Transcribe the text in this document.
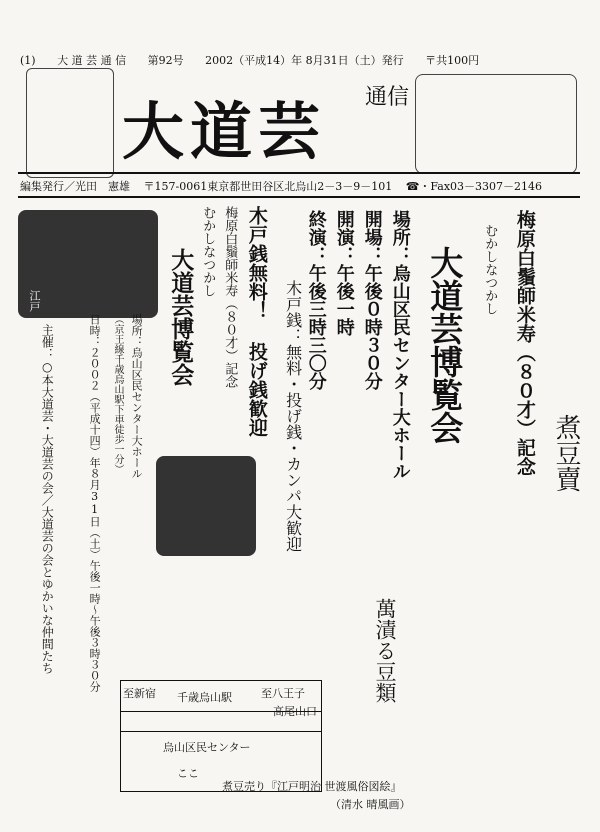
(1) 大 道 芸 通 信 第92号 2002（平成14）年 8月31日（土）発行 〒共100円
大道芸 通信
編集発行／光田　憲雄 〒157-0061東京都世田谷区北烏山2－3－9－101 ☎・Fax03－3307－2146
江戸	木戸銭無料！ 投げ銭歓迎
梅原白鬚師米寿（８０才）記念
むかしなつかし
大道芸博覧会
場所：烏山区民センター大ホール
（京王線千歳烏山駅下車徒歩一分）
日時：２００２（平成十四）年８月31日（土）午後一時～午後３時３０分
主催：○本大道芸・大道芸の会／大道芸の会とゆかいな仲間たち	梅原白鬚師米寿（８０才）記念
むかしなつかし
大道芸博覧会
場所：烏山区民センター大ホール
開場：午後０時３０分
開演：午後一時
終演：午後三時三〇分
木戸銭：無料・投げ銭・カンパ大歓迎	煮豆賣
萬漬る豆類
至新宿 千歳烏山駅	至八王子
高尾山口
烏山区民センター
ここ
煮豆売り『江戸明治 世渡風俗図絵』
（清水 晴風画）
